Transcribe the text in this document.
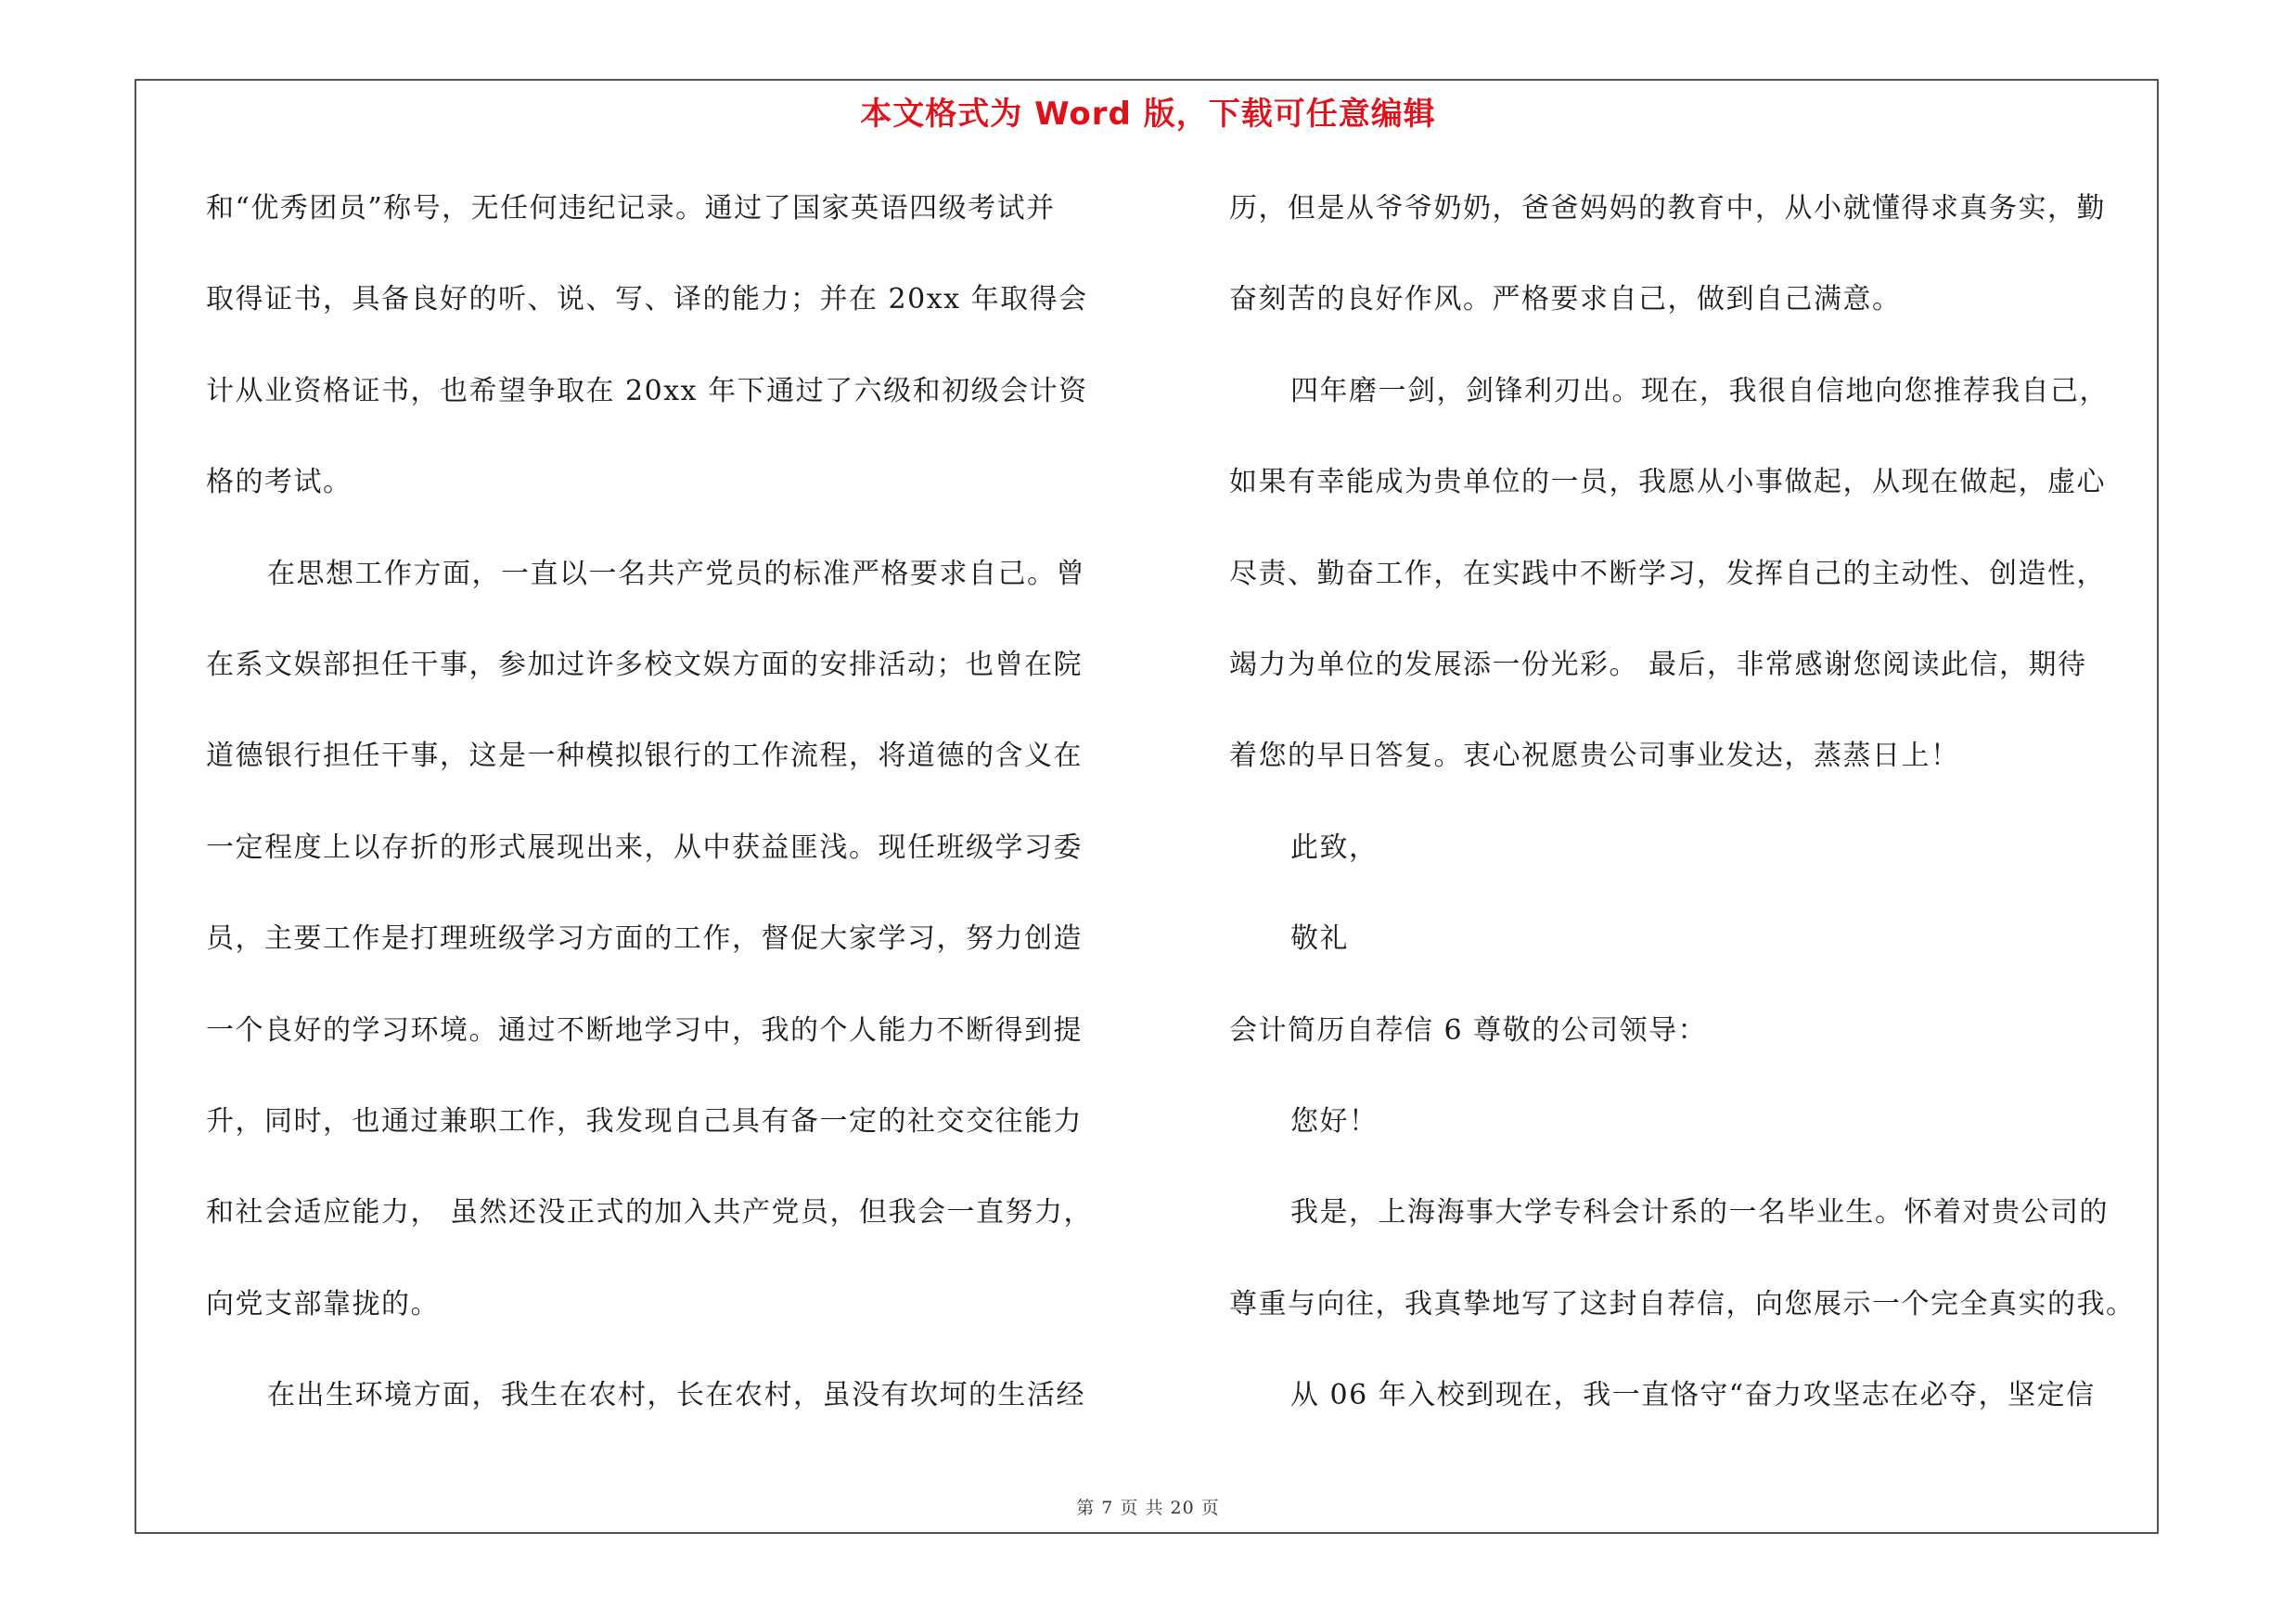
本文格式为 Word 版，下载可任意编辑
和“优秀团员”称号，无任何违纪记录。通过了国家英语四级考试并
取得证书，具备良好的听、说、写、译的能力；并在 20xx 年取得会
计从业资格证书，也希望争取在 20xx 年下通过了六级和初级会计资
格的考试。
在思想工作方面，一直以一名共产党员的标准严格要求自己。曾
在系文娱部担任干事，参加过许多校文娱方面的安排活动；也曾在院
道德银行担任干事，这是一种模拟银行的工作流程，将道德的含义在
一定程度上以存折的形式展现出来，从中获益匪浅。现任班级学习委
员，主要工作是打理班级学习方面的工作，督促大家学习，努力创造
一个良好的学习环境。通过不断地学习中，我的个人能力不断得到提
升，同时，也通过兼职工作，我发现自己具有备一定的社交交往能力
和社会适应能力， 虽然还没正式的加入共产党员，但我会一直努力，
向党支部靠拢的。
在出生环境方面，我生在农村，长在农村，虽没有坎坷的生活经
历，但是从爷爷奶奶，爸爸妈妈的教育中，从小就懂得求真务实，勤
奋刻苦的良好作风。严格要求自己，做到自己满意。
四年磨一剑，剑锋利刃出。现在，我很自信地向您推荐我自己，
如果有幸能成为贵单位的一员，我愿从小事做起，从现在做起，虚心
尽责、勤奋工作，在实践中不断学习，发挥自己的主动性、创造性，
竭力为单位的发展添一份光彩。 最后，非常感谢您阅读此信，期待
着您的早日答复。衷心祝愿贵公司事业发达，蒸蒸日上！
此致，
敬礼
会计简历自荐信 6 尊敬的公司领导：
您好！
我是，上海海事大学专科会计系的一名毕业生。怀着对贵公司的
尊重与向往，我真挚地写了这封自荐信，向您展示一个完全真实的我。
从 06 年入校到现在，我一直恪守“奋力攻坚志在必夺，坚定信
第 7 页 共 20 页
